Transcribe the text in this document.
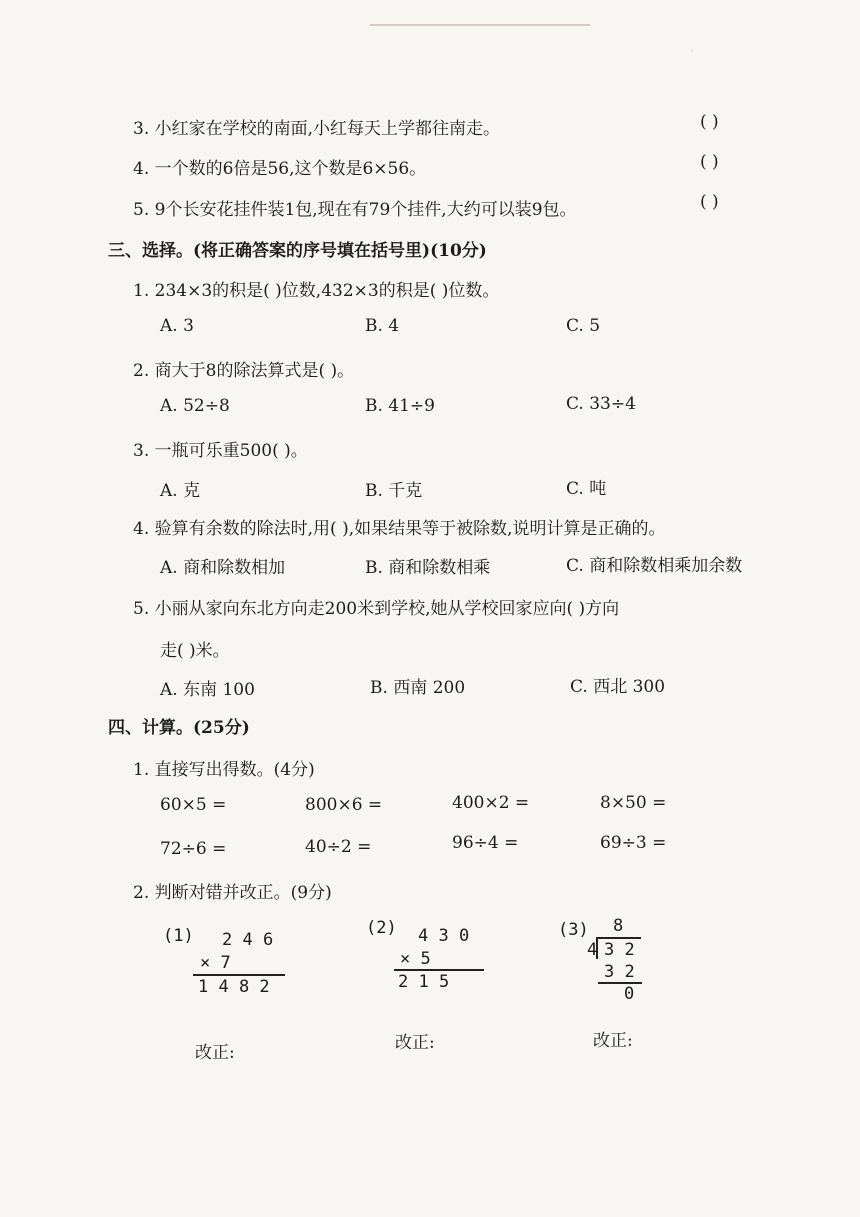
·
3. 小红家在学校的南面,小红每天上学都往南走。	( )
4. 一个数的6倍是56,这个数是6×56。	( )
5. 9个长安花挂件装1包,现在有79个挂件,大约可以装9包。	( )
三、选择。(将正确答案的序号填在括号里)(10分)
1. 234×3的积是( )位数,432×3的积是( )位数。
A. 3	B. 4	C. 5
2. 商大于8的除法算式是( )。
A. 52÷8	B. 41÷9	C. 33÷4
3. 一瓶可乐重500( )。
A. 克	B. 千克	C. 吨
4. 验算有余数的除法时,用( ),如果结果等于被除数,说明计算是正确的。
A. 商和除数相加	B. 商和除数相乘	C. 商和除数相乘加余数
5. 小丽从家向东北方向走200米到学校,她从学校回家应向( )方向
走( )米。
A. 东南 100	B. 西南 200	C. 西北 300
四、计算。(25分)
1. 直接写出得数。(4分)
60×5 =	800×6 =	400×2 =	8×50 =
72÷6 =	40÷2 =	96÷4 =	69÷3 =
2. 判断对错并改正。(9分)
(1) 2 4 6
× 7
1 4 8 2
(2) 4 3 0
× 5
2 1 5
(3) 8
4 3 2
3 2
0
改正:	改正:	改正:
